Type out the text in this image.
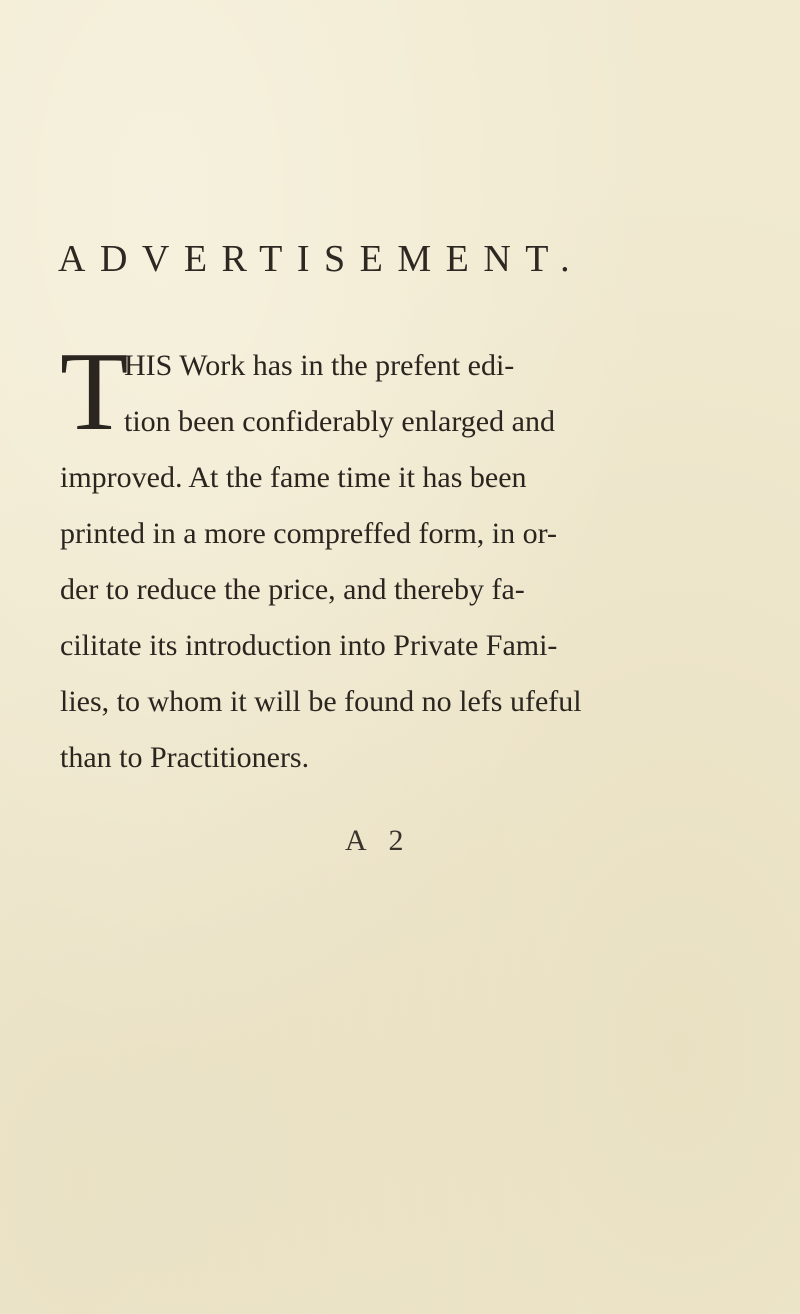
ADVERTISEMENT.
T
HIS Work has in the prefent edi-
tion been confiderably enlarged and
improved. At the fame time it has been
printed in a more compreffed form, in or-
der to reduce the price, and thereby fa-
cilitate its introduction into Private Fami-
lies, to whom it will be found no lefs ufeful
than to Practitioners.

A 2
